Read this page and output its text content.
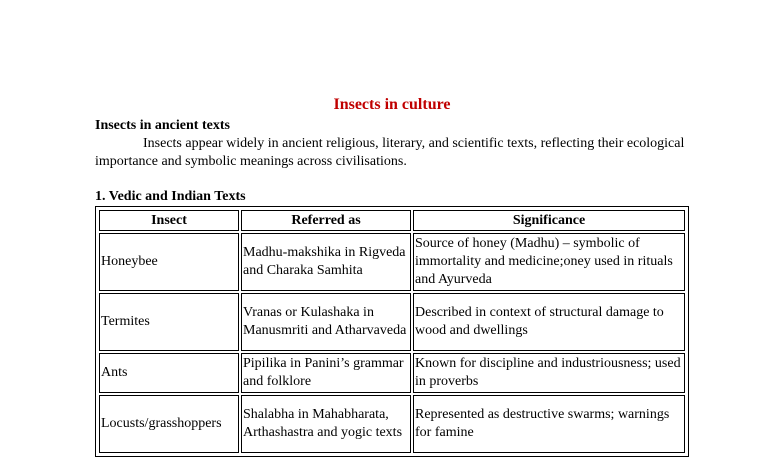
Insects in culture
Insects in ancient texts
Insects appear widely in ancient religious, literary, and scientific texts, reflecting their ecological importance and symbolic meanings across civilisations.
1. Vedic and Indian Texts
Insect	Referred as	Significance
Honeybee	Madhu-makshika in Rigveda and Charaka Samhita	Source of honey (Madhu) – symbolic of immortality and medicine;oney used in rituals and Ayurveda
Termites	Vranas or Kulashaka in Manusmriti and Atharvaveda	Described in context of structural damage to wood and dwellings
Ants	Pipilika in Panini’s grammar and folklore	Known for discipline and industriousness; used in proverbs
Locusts/grasshoppers	Shalabha in Mahabharata, Arthashastra and yogic texts	Represented as destructive swarms; warnings for famine
